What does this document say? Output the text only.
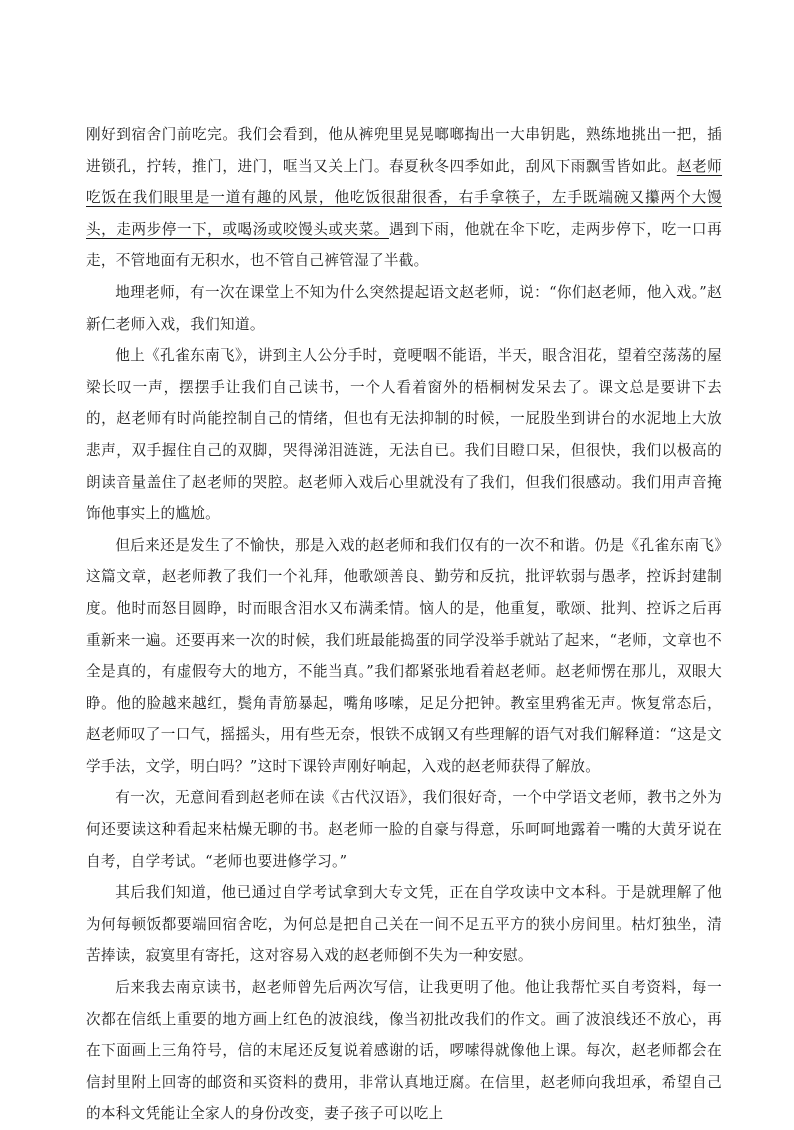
刚好到宿舍门前吃完。我们会看到，他从裤兜里晃晃啷啷掏出一大串钥匙，熟练地挑出一把，插进锁孔，拧转，推门，进门，哐当又关上门。春夏秋冬四季如此，刮风下雨飘雪皆如此。赵老师吃饭在我们眼里是一道有趣的风景，他吃饭很甜很香，右手拿筷子，左手既端碗又攥两个大馒头，走两步停一下，或喝汤或咬馒头或夹菜。遇到下雨，他就在伞下吃，走两步停下，吃一口再走，不管地面有无积水，也不管自己裤管湿了半截。

地理老师，有一次在课堂上不知为什么突然提起语文赵老师，说：“你们赵老师，他入戏。”赵新仁老师入戏，我们知道。

他上《孔雀东南飞》，讲到主人公分手时，竟哽咽不能语，半天，眼含泪花，望着空荡荡的屋梁长叹一声，摆摆手让我们自己读书，一个人看着窗外的梧桐树发呆去了。课文总是要讲下去的，赵老师有时尚能控制自己的情绪，但也有无法抑制的时候，一屁股坐到讲台的水泥地上大放悲声，双手握住自己的双脚，哭得涕泪涟涟，无法自已。我们目瞪口呆，但很快，我们以极高的朗读音量盖住了赵老师的哭腔。赵老师入戏后心里就没有了我们，但我们很感动。我们用声音掩饰他事实上的尴尬。

但后来还是发生了不愉快，那是入戏的赵老师和我们仅有的一次不和谐。仍是《孔雀东南飞》这篇文章，赵老师教了我们一个礼拜，他歌颂善良、勤劳和反抗，批评软弱与愚孝，控诉封建制度。他时而怒目圆睁，时而眼含泪水又布满柔情。恼人的是，他重复，歌颂、批判、控诉之后再重新来一遍。还要再来一次的时候，我们班最能捣蛋的同学没举手就站了起来，“老师，文章也不全是真的，有虚假夸大的地方，不能当真。”我们都紧张地看着赵老师。赵老师愣在那儿，双眼大睁。他的脸越来越红，鬓角青筋暴起，嘴角哆嗦，足足分把钟。教室里鸦雀无声。恢复常态后，赵老师叹了一口气，摇摇头，用有些无奈，恨铁不成钢又有些理解的语气对我们解释道：“这是文学手法，文学，明白吗？”这时下课铃声刚好响起，入戏的赵老师获得了解放。

有一次，无意间看到赵老师在读《古代汉语》，我们很好奇，一个中学语文老师，教书之外为何还要读这种看起来枯燥无聊的书。赵老师一脸的自豪与得意，乐呵呵地露着一嘴的大黄牙说在自考，自学考试。“老师也要进修学习。”

其后我们知道，他已通过自学考试拿到大专文凭，正在自学攻读中文本科。于是就理解了他为何每顿饭都要端回宿舍吃，为何总是把自己关在一间不足五平方的狭小房间里。枯灯独坐，清苦捧读，寂寞里有寄托，这对容易入戏的赵老师倒不失为一种安慰。

后来我去南京读书，赵老师曾先后两次写信，让我更明了他。他让我帮忙买自考资料，每一次都在信纸上重要的地方画上红色的波浪线，像当初批改我们的作文。画了波浪线还不放心，再在下面画上三角符号，信的末尾还反复说着感谢的话，啰嗦得就像他上课。每次，赵老师都会在信封里附上回寄的邮资和买资料的费用，非常认真地迂腐。在信里，赵老师向我坦承，希望自己的本科文凭能让全家人的身份改变，妻子孩子可以吃上
